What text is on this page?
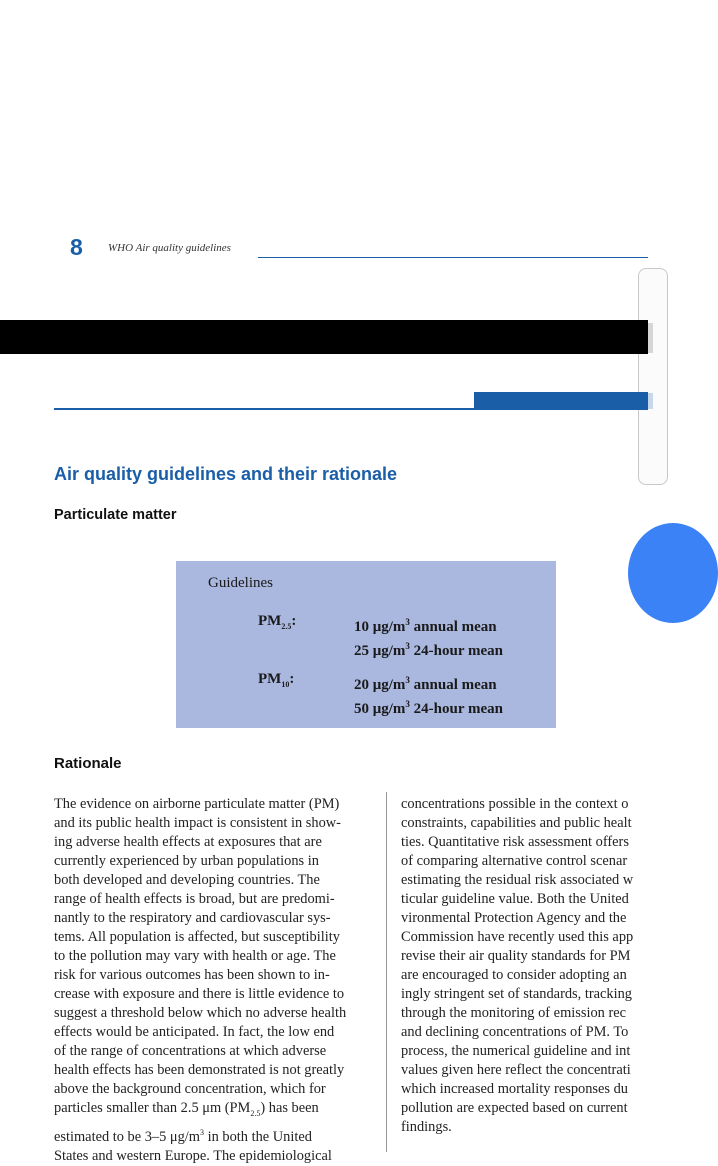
8 WHO Air quality guidelines
Air quality guidelines and their rationale
Particulate matter
Guidelines
$PM_{2.5}$:	10 $\mu g/m^3$ annual mean
25 $\mu g/m^3$ 24-hour mean
$PM_{10}$:	20 $\mu g/m^3$ annual mean
50 $\mu g/m^3$ 24-hour mean
Rationale
The evidence on airborne particulate matter (PM)
and its public health impact is consistent in show-
ing adverse health effects at exposures that are
currently experienced by urban populations in
both developed and developing countries. The
range of health effects is broad, but are predomi-
nantly to the respiratory and cardiovascular sys-
tems. All population is affected, but susceptibility
to the pollution may vary with health or age. The
risk for various outcomes has been shown to in-
crease with exposure and there is little evidence to
suggest a threshold below which no adverse health
effects would be anticipated. In fact, the low end
of the range of concentrations at which adverse
health effects has been demonstrated is not greatly
above the background concentration, which for
particles smaller than 2.5 μm $(PM_{2.5})$ has been
estimated to be 3–5 $\mu g/m^3$ in both the United
States and western Europe. The epidemiological
concentrations possible in the context o
constraints, capabilities and public healt
ties. Quantitative risk assessment offers
of comparing alternative control scenar
estimating the residual risk associated w
ticular guideline value. Both the United
vironmental Protection Agency and the
Commission have recently used this app
revise their air quality standards for PM
are encouraged to consider adopting an
ingly stringent set of standards, tracking
through the monitoring of emission rec
and declining concentrations of PM. To
process, the numerical guideline and int
values given here reflect the concentrati
which increased mortality responses du
pollution are expected based on current
findings.
